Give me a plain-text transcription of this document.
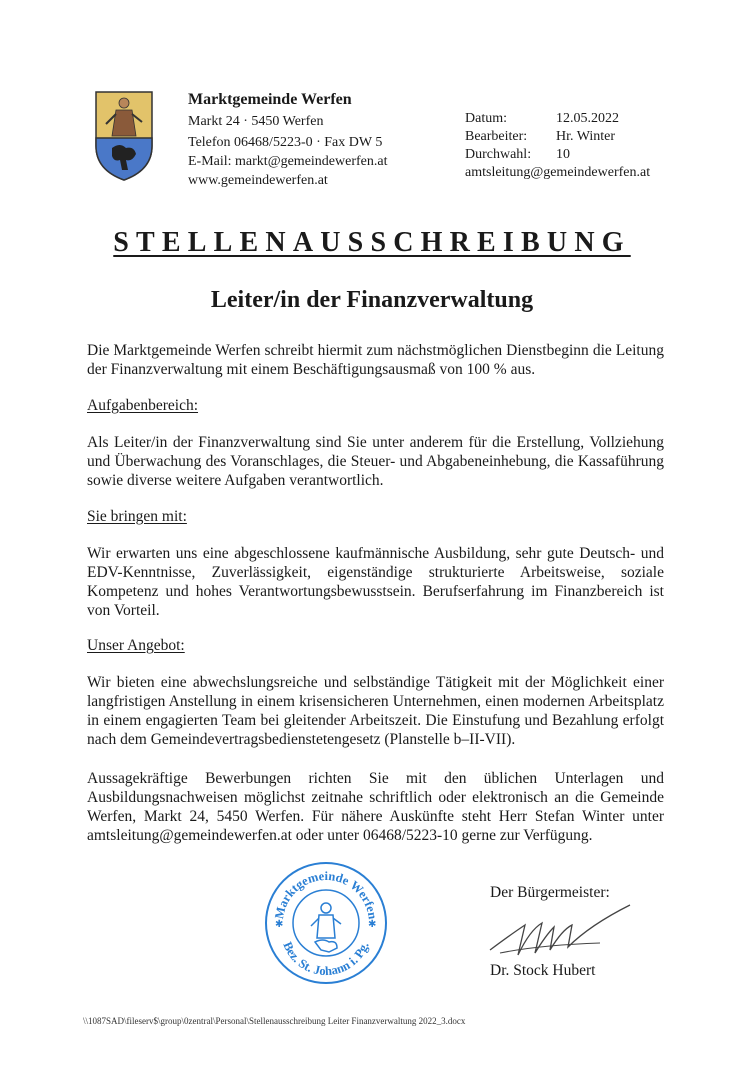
Marktgemeinde Werfen
Markt 24 · 5450 Werfen
Telefon 06468/5223-0 · Fax DW 5
E-Mail: markt@gemeindewerfen.at
www.gemeindewerfen.at
Datum:	12.05.2022
Bearbeiter: Hr. Winter
Durchwahl: 10
amtsleitung@gemeindewerfen.at
STELLENAUSSCHREIBUNG
Leiter/in der Finanzverwaltung
Die Marktgemeinde Werfen schreibt hiermit zum nächstmöglichen Dienstbeginn die Leitung der Finanzverwaltung mit einem Beschäftigungsausmaß von 100 % aus.
Aufgabenbereich:
Als Leiter/in der Finanzverwaltung sind Sie unter anderem für die Erstellung, Vollziehung und Überwachung des Voranschlages, die Steuer- und Abgabeneinhebung, die Kassaführung sowie diverse weitere Aufgaben verantwortlich.
Sie bringen mit:
Wir erwarten uns eine abgeschlossene kaufmännische Ausbildung, sehr gute Deutsch- und EDV-Kenntnisse, Zuverlässigkeit, eigenständige strukturierte Arbeitsweise, soziale Kompetenz und hohes Verantwortungsbewusstsein. Berufserfahrung im Finanzbereich ist von Vorteil.
Unser Angebot:
Wir bieten eine abwechslungsreiche und selbständige Tätigkeit mit der Möglichkeit einer langfristigen Anstellung in einem krisensicheren Unternehmen, einen modernen Arbeitsplatz in einem engagierten Team bei gleitender Arbeitszeit. Die Einstufung und Bezahlung erfolgt nach dem Gemeindevertragsbedienstetengesetz (Planstelle b–II-VII).
Aussagekräftige Bewerbungen richten Sie mit den üblichen Unterlagen und Ausbildungsnachweisen möglichst zeitnahe schriftlich oder elektronisch an die Gemeinde Werfen, Markt 24, 5450 Werfen. Für nähere Auskünfte steht Herr Stefan Winter unter amtsleitung@gemeindewerfen.at oder unter 06468/5223-10 gerne zur Verfügung.
Marktgemeinde Werfen
Bez. St. Johann i. Pg.
✱	✱
Der Bürgermeister:
Dr. Stock Hubert
\\1087SAD\fileserv$\group\0zentral\Personal\Stellenausschreibung Leiter Finanzverwaltung 2022_3.docx
